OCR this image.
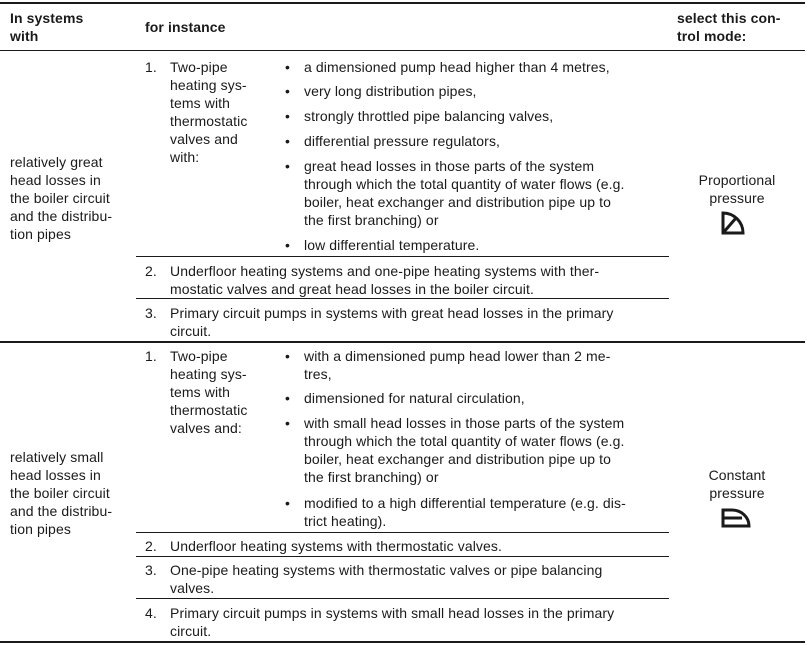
In systems
with
for instance
select this con-
trol mode:
relatively great
head losses in
the boiler circuit
and the distribu-
tion pipes
1. Two-pipe
heating sys-
tems with
thermostatic
valves and
with:
• a dimensioned pump head higher than 4 metres,
• very long distribution pipes,
• strongly throttled pipe balancing valves,
• differential pressure regulators,
• great head losses in those parts of the system
through which the total quantity of water flows (e.g.
boiler, heat exchanger and distribution pipe up to
the first branching) or
• low differential temperature.
2. Underfloor heating systems and one-pipe heating systems with ther-
mostatic valves and great head losses in the boiler circuit.
3. Primary circuit pumps in systems with great head losses in the primary
circuit.
Proportional
pressure
relatively small
head losses in
the boiler circuit
and the distribu-
tion pipes
1. Two-pipe
heating sys-
tems with
thermostatic
valves and:
• with a dimensioned pump head lower than 2 me-
tres,
• dimensioned for natural circulation,
• with small head losses in those parts of the system
through which the total quantity of water flows (e.g.
boiler, heat exchanger and distribution pipe up to
the first branching) or
• modified to a high differential temperature (e.g. dis-
trict heating).
2. Underfloor heating systems with thermostatic valves.
3. One-pipe heating systems with thermostatic valves or pipe balancing
valves.
4. Primary circuit pumps in systems with small head losses in the primary
circuit.
Constant
pressure
